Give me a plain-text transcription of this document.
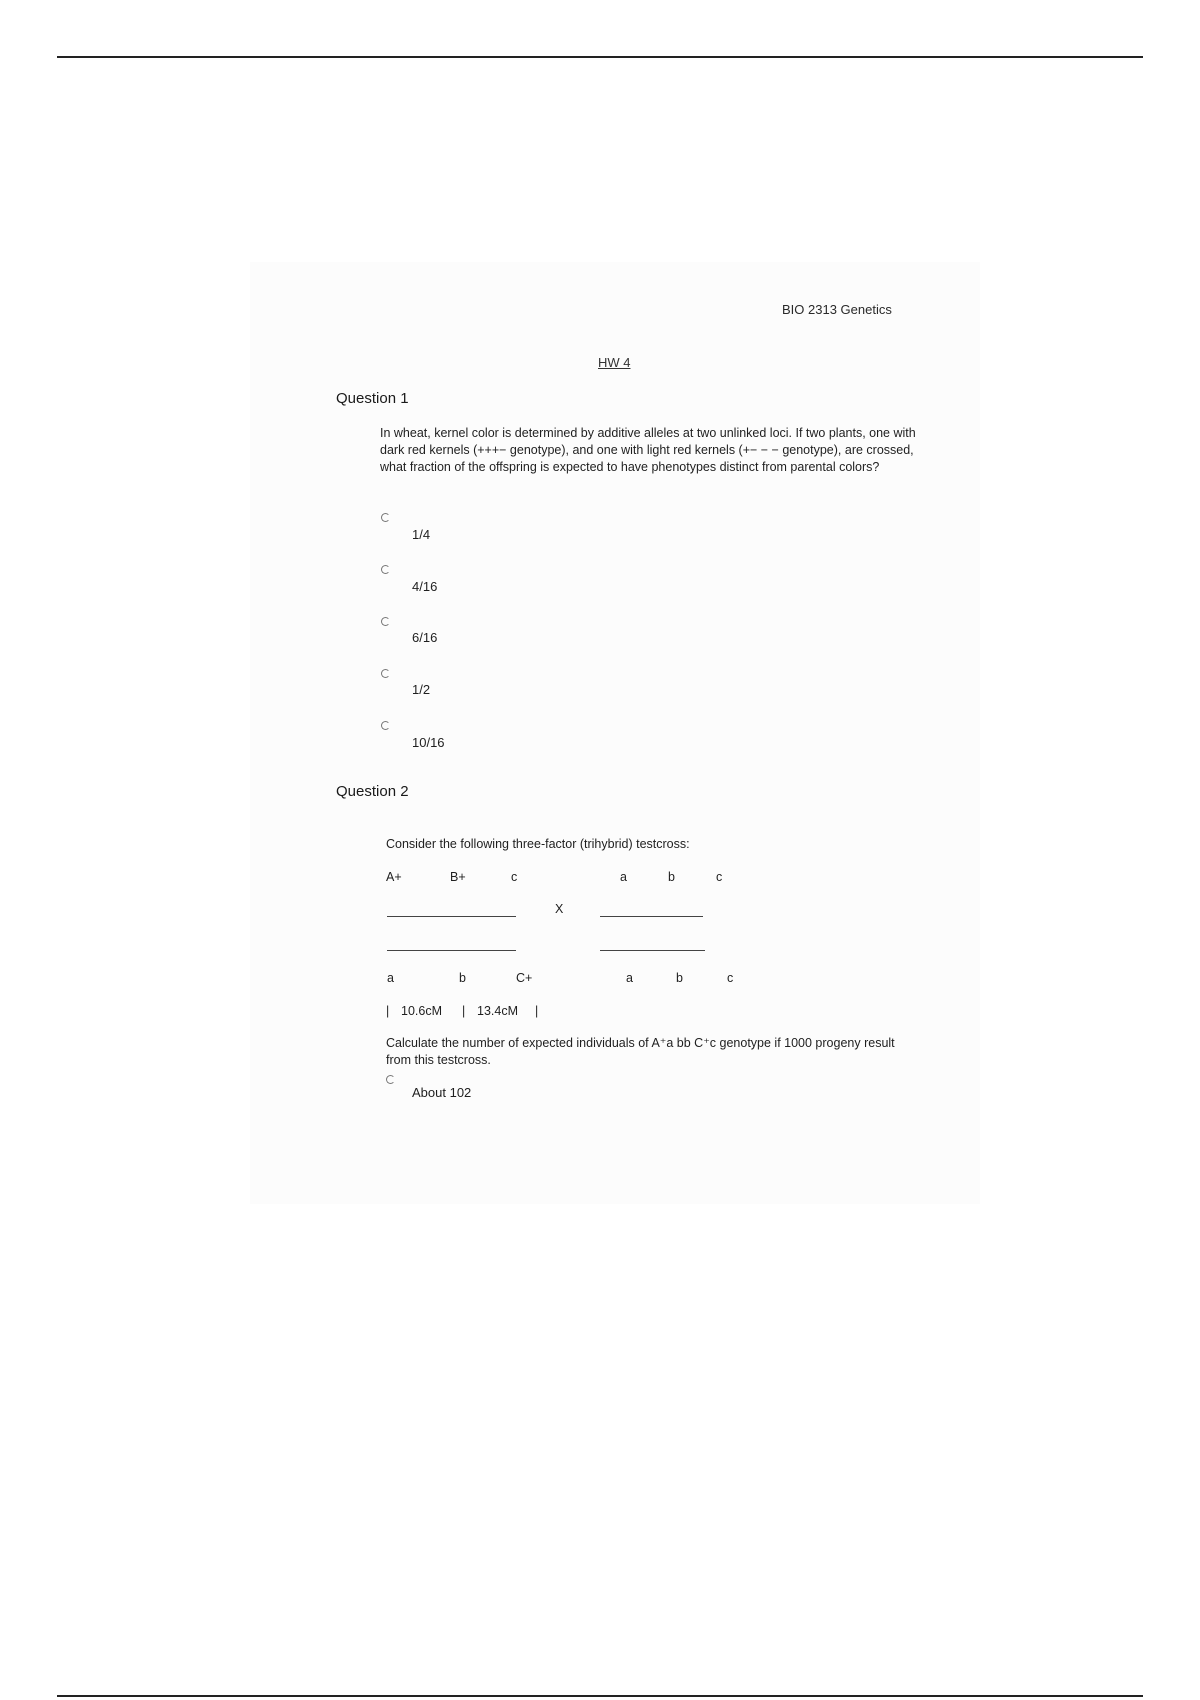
BIO 2313 Genetics
HW 4
Question 1
In wheat, kernel color is determined by additive alleles at two unlinked loci. If two plants, one with dark red kernels (+++− genotype), and one with light red kernels (+− − − genotype), are crossed, what fraction of the offspring is expected to have phenotypes distinct from parental colors?
1/4
4/16
6/16
1/2
10/16
Question 2
Consider the following three-factor (trihybrid) testcross:
A+	B+	c	a	b	c
X
a	b	C+	a	b	c
| 10.6cM | 13.4cM |
Calculate the number of expected individuals of A⁺a bb C⁺c genotype if 1000 progeny result from this testcross.
About 102
